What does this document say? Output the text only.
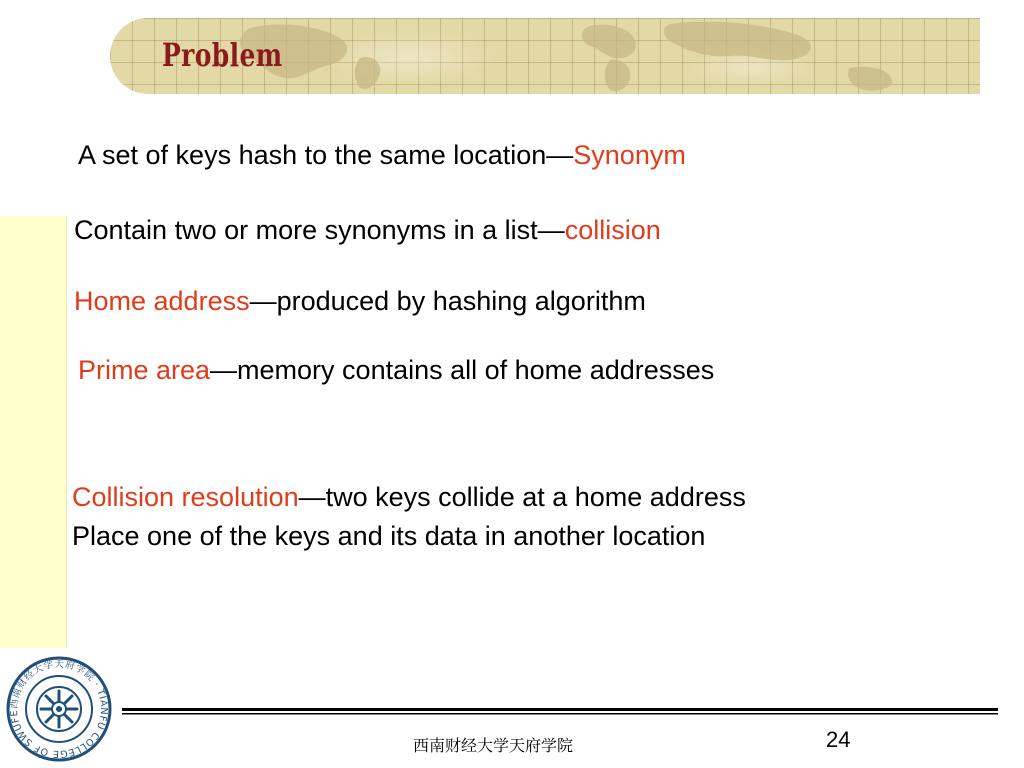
Problem

A set of keys hash to the same location—Synonym

Contain two or more synonyms in a list—collision

Home address—produced by hashing algorithm

Prime area—memory contains all of home addresses

Collision resolution—two keys collide at a home address

Place one of the keys and its data in another location

西南财经大学天府学院 · TIANFU COLLEGE OF SWUFE
西南财经大学天府学院	24
